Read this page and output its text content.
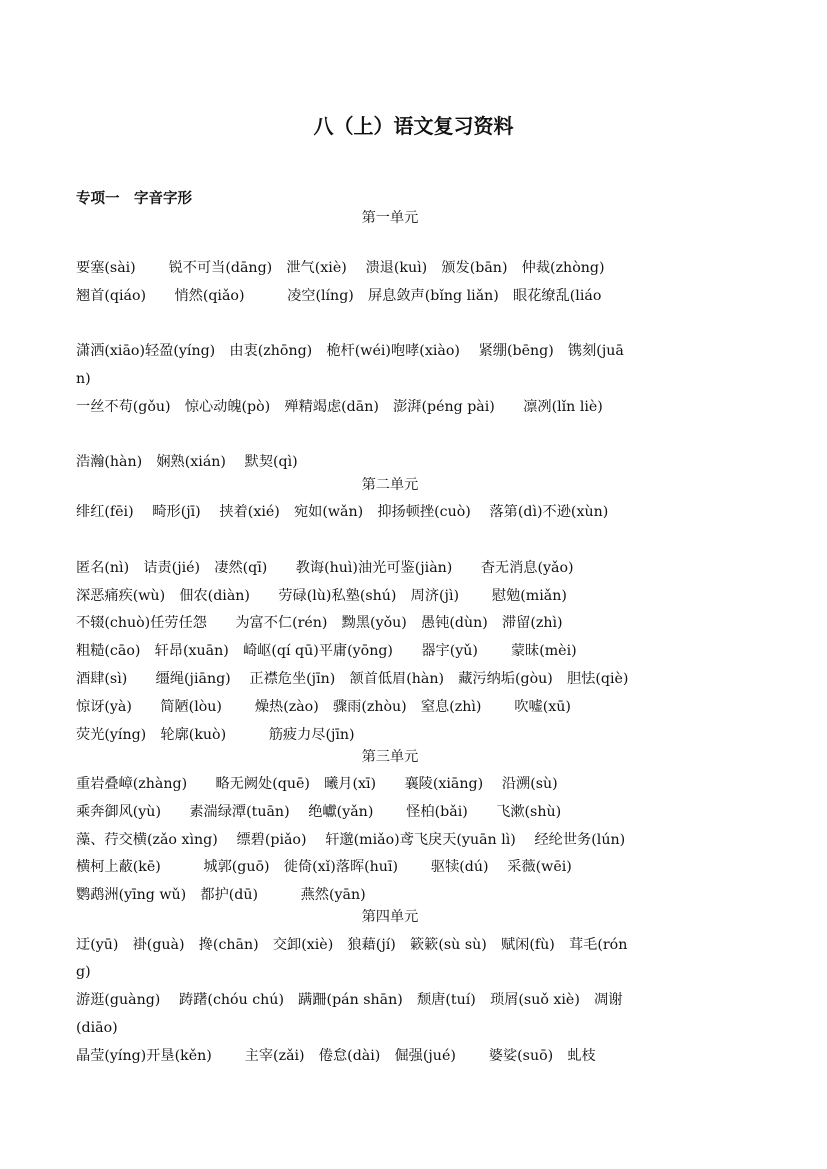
八（上）语文复习资料
专项一　字音字形
第一单元
第二单元
第三单元
第四单元
要塞(sài)　　 锐不可当(dāng)　泄气(xiè)　 溃退(kuì)　颁发(bān)　仲裁(zhòng)
翘首(qiáo)　　悄然(qiǎo)　　　凌空(líng)　屏息敛声(bǐng liǎn)　眼花缭乱(liáo
潇洒(xiāo)轻盈(yíng)　由衷(zhōng)　桅杆(wéi)咆哮(xiào)　 紧绷(bēng)　镌刻(juā
n)
一丝不苟(gǒu)　惊心动魄(pò)　殚精竭虑(dān)　澎湃(péng pài)　　凛冽(lǐn liè)
浩瀚(hàn)　娴熟(xián)　 默契(qì)
绯红(fēi)　 畸形(jī)　 挟着(xié)　宛如(wǎn)　抑扬顿挫(cuò)　 落第(dì)不逊(xùn)
匿名(nì)　诘责(jié)　凄然(qī)　　教诲(huì)油光可鉴(jiàn)　　杳无消息(yǎo)
深恶痛疾(wù)　佃农(diàn)　　劳碌(lù)私塾(shú)　周济(jì)　　 慰勉(miǎn)
不辍(chuò)任劳任怨　　为富不仁(rén)　黝黑(yǒu)　愚钝(dùn)　滞留(zhì)
粗糙(cāo)　轩昂(xuān)　崎岖(qí qū)平庸(yōng)　　器宇(yǔ)　　 蒙昧(mèi)
酒肆(sì)　　缰绳(jiāng)　 正襟危坐(jīn)　颔首低眉(hàn)　藏污纳垢(gòu)　胆怯(qiè)
惊讶(yà)　　简陋(lòu)　　 燥热(zào)　骤雨(zhòu)　窒息(zhì)　　 吹嘘(xū)
荧光(yíng)　轮廓(kuò)　　　筋疲力尽(jīn)
重岩叠嶂(zhàng)　　略无阙处(quē)　曦月(xī)　　襄陵(xiāng)　 沿溯(sù)
乘奔御风(yù)　　素湍绿潭(tuān)　 绝巘(yǎn)　　 怪柏(bǎi)　　飞漱(shù)
藻、荇交横(zǎo xìng)　 缥碧(piǎo)　 轩邈(miǎo)鸢飞戾天(yuān lì)　 经纶世务(lún)
横柯上蔽(kē)　　　城郭(guō)　徙倚(xǐ)落晖(huī)　　 驱犊(dú)　 采薇(wēi)
鹦鹉洲(yīng wǔ)　都护(dū)　　　燕然(yān)
迂(yū)　褂(guà)　搀(chān)　交卸(xiè)　狼藉(jí)　簌簌(sù sù)　赋闲(fù)　茸毛(rón
g)
游逛(guàng)　 踌躇(chóu chú)　蹒跚(pán shān)　颓唐(tuí)　琐屑(suǒ xiè)　凋谢
(diāo)
晶莹(yíng)开垦(kěn)　　 主宰(zǎi)　倦怠(dài)　倔强(jué)　　 婆娑(suō)　虬枝
